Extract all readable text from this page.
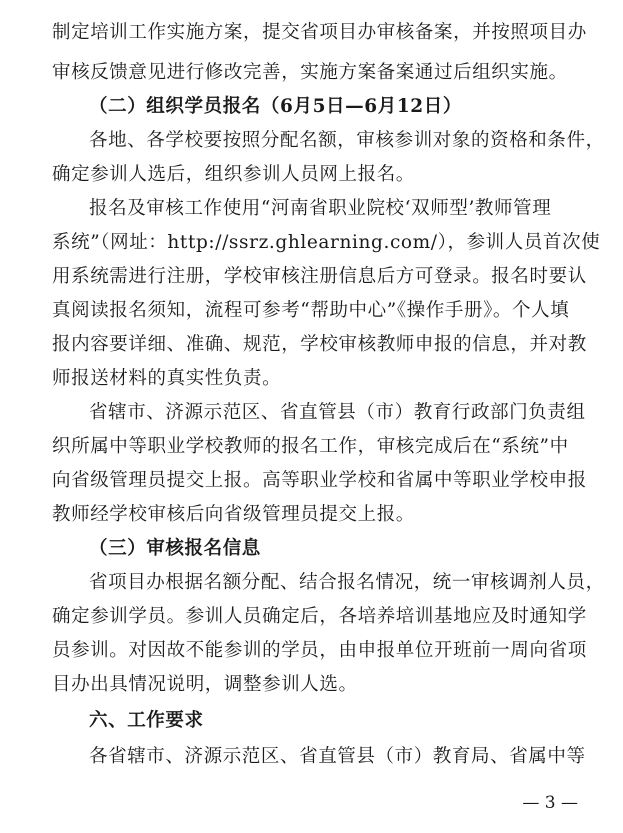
制定培训工作实施方案，提交省项目办审核备案，并按照项目办
审核反馈意见进行修改完善，实施方案备案通过后组织实施。
（二）组织学员报名（6月5日—6月12日）
各地、各学校要按照分配名额，审核参训对象的资格和条件，
确定参训人选后，组织参训人员网上报名。
报名及审核工作使用“河南省职业院校‘双师型’教师管理
系统”（网址：http://ssrz.ghlearning.com/），参训人员首次使
用系统需进行注册，学校审核注册信息后方可登录。报名时要认
真阅读报名须知，流程可参考“帮助中心”《操作手册》。个人填
报内容要详细、准确、规范，学校审核教师申报的信息，并对教
师报送材料的真实性负责。
省辖市、济源示范区、省直管县（市）教育行政部门负责组
织所属中等职业学校教师的报名工作，审核完成后在“系统”中
向省级管理员提交上报。高等职业学校和省属中等职业学校申报
教师经学校审核后向省级管理员提交上报。
（三）审核报名信息
省项目办根据名额分配、结合报名情况，统一审核调剂人员，
确定参训学员。参训人员确定后，各培养培训基地应及时通知学
员参训。对因故不能参训的学员，由申报单位开班前一周向省项
目办出具情况说明，调整参训人选。
六、工作要求
各省辖市、济源示范区、省直管县（市）教育局、省属中等
— 3 —
